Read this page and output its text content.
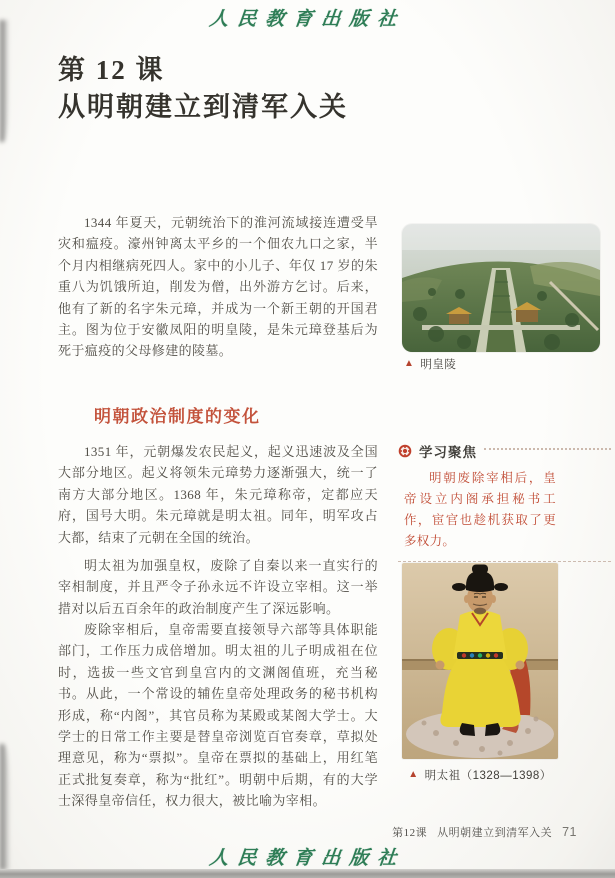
人民教育出版社
第 12 课
从明朝建立到清军入关

1344 年夏天，元朝统治下的淮河流域接连遭受旱灾和瘟疫。濠州钟离太平乡的一个佃农九口之家，半个月内相继病死四人。家中的小儿子、年仅 17 岁的朱重八为饥饿所迫，削发为僧，出外游方乞讨。后来，他有了新的名字朱元璋，并成为一个新王朝的开国君主。图为位于安徽凤阳的明皇陵，是朱元璋登基后为死于瘟疫的父母修建的陵墓。

▲ 明皇陵
明朝政治制度的变化

1351 年，元朝爆发农民起义，起义迅速波及全国大部分地区。起义将领朱元璋势力逐渐强大，统一了南方大部分地区。1368 年，朱元璋称帝，定都应天府，国号大明。朱元璋就是明太祖。同年，明军攻占大都，结束了元朝在全国的统治。

明太祖为加强皇权，废除了自秦以来一直实行的宰相制度，并且严令子孙永远不许设立宰相。这一举措对以后五百余年的政治制度产生了深远影响。

废除宰相后，皇帝需要直接领导六部等具体职能部门，工作压力成倍增加。明太祖的儿子明成祖在位时，选拔一些文官到皇宫内的文渊阁值班，充当秘书。从此，一个常设的辅佐皇帝处理政务的秘书机构形成，称“内阁”，其官员称为某殿或某阁大学士。大学士的日常工作主要是替皇帝浏览百官奏章，草拟处理意见，称为“票拟”。皇帝在票拟的基础上，用红笔正式批复奏章，称为“批红”。明朝中后期，有的大学士深得皇帝信任，权力很大，被比喻为宰相。

学习聚焦

明朝废除宰相后，皇帝设立内阁承担秘书工作，宦官也趁机获取了更多权力。

▲ 明太祖（1328—1398）
第12课 从明朝建立到清军入关 71
人民教育出版社
